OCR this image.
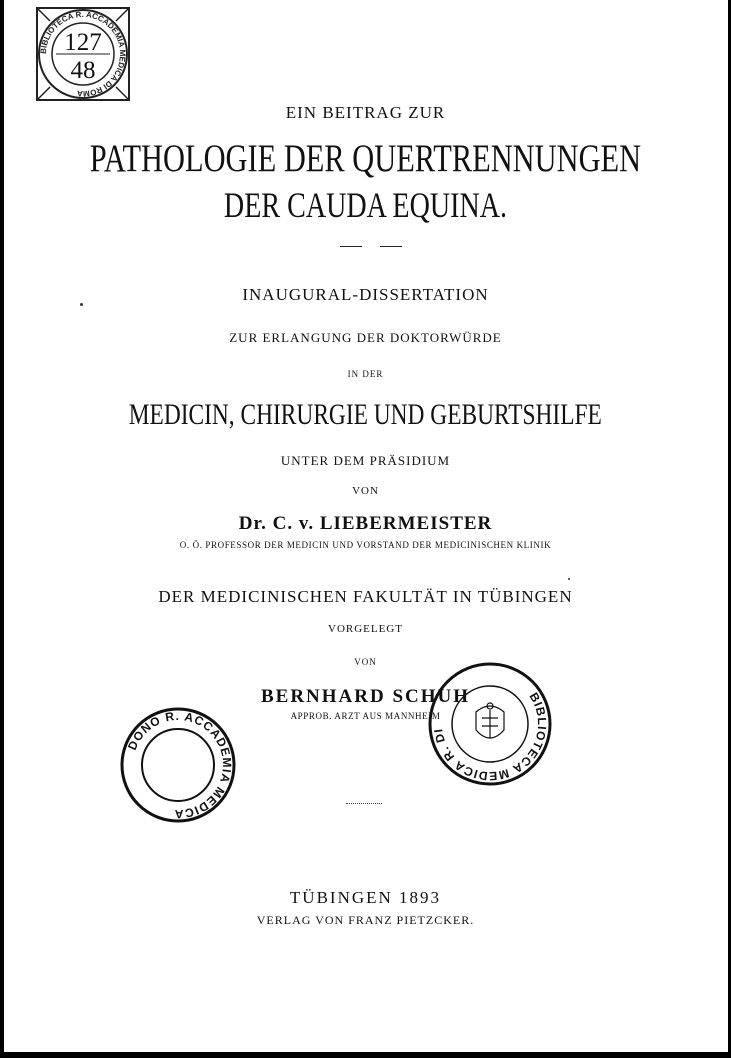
BIBLIOTECA R. ACCADEMIA MEDICA DI ROMA
127
48
EIN BEITRAG ZUR
PATHOLOGIE DER QUERTRENNUNGEN
DER CAUDA EQUINA.
INAUGURAL-DISSERTATION
ZUR ERLANGUNG DER DOKTORWÜRDE
IN DER
MEDICIN, CHIRURGIE UND GEBURTSHILFE
UNTER DEM PRÄSIDIUM
VON
Dr. C. v. LIEBERMEISTER
O. Ö. PROFESSOR DER MEDICIN UND VORSTAND DER MEDICINISCHEN KLINIK
DER MEDICINISCHEN FAKULTÄT IN TÜBINGEN
VORGELEGT
VON
BERNHARD SCHUH
APPROB. ARZT AUS MANNHEIM
DONO R. ACCADEMIA MEDICA
BIBLIOTECA MEDICA R. DI
TÜBINGEN 1893
VERLAG VON FRANZ PIETZCKER.
